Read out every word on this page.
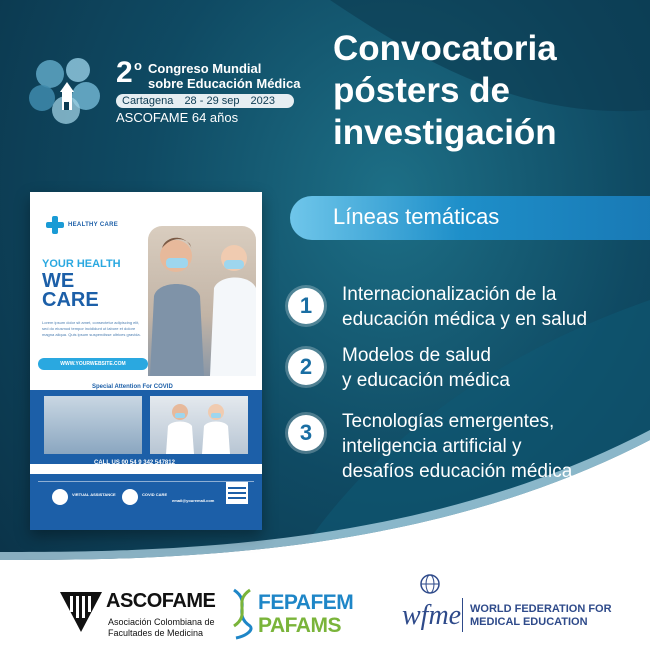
2 o Congreso Mundial
sobre Educación Médica
Cartagena 28 - 29 sep 2023
ASCOFAME 64 años
Convocatoria
pósters de
investigación
Líneas temáticas
1	Internacionalización de la
educación médica y en salud
2	Modelos de salud
y educación médica
3	Tecnologías emergentes,
inteligencia artificial y
desafíos educación médica
HEALTHY CARE
YOUR HEALTH
WE
CARE
Lorem ipsum dolor sit amet, consectetur adipiscing elit, sed do eiusmod tempor incididunt ut labore et dolore magna aliqua. Quis ipsum suspendisse ultrices gravida.
WWW.YOURWEBSITE.COM
Special Attention For COVID
CALL US 00 54 9 342 547812
VIRTUAL ASSISTANCE	COVID CARE
email@youremail.com
ASCOFAME
Asociación Colombiana de
Facultades de Medicina
FEPAFEM
PAFAMS wfme WORLD FEDERATION FOR
MEDICAL EDUCATION
